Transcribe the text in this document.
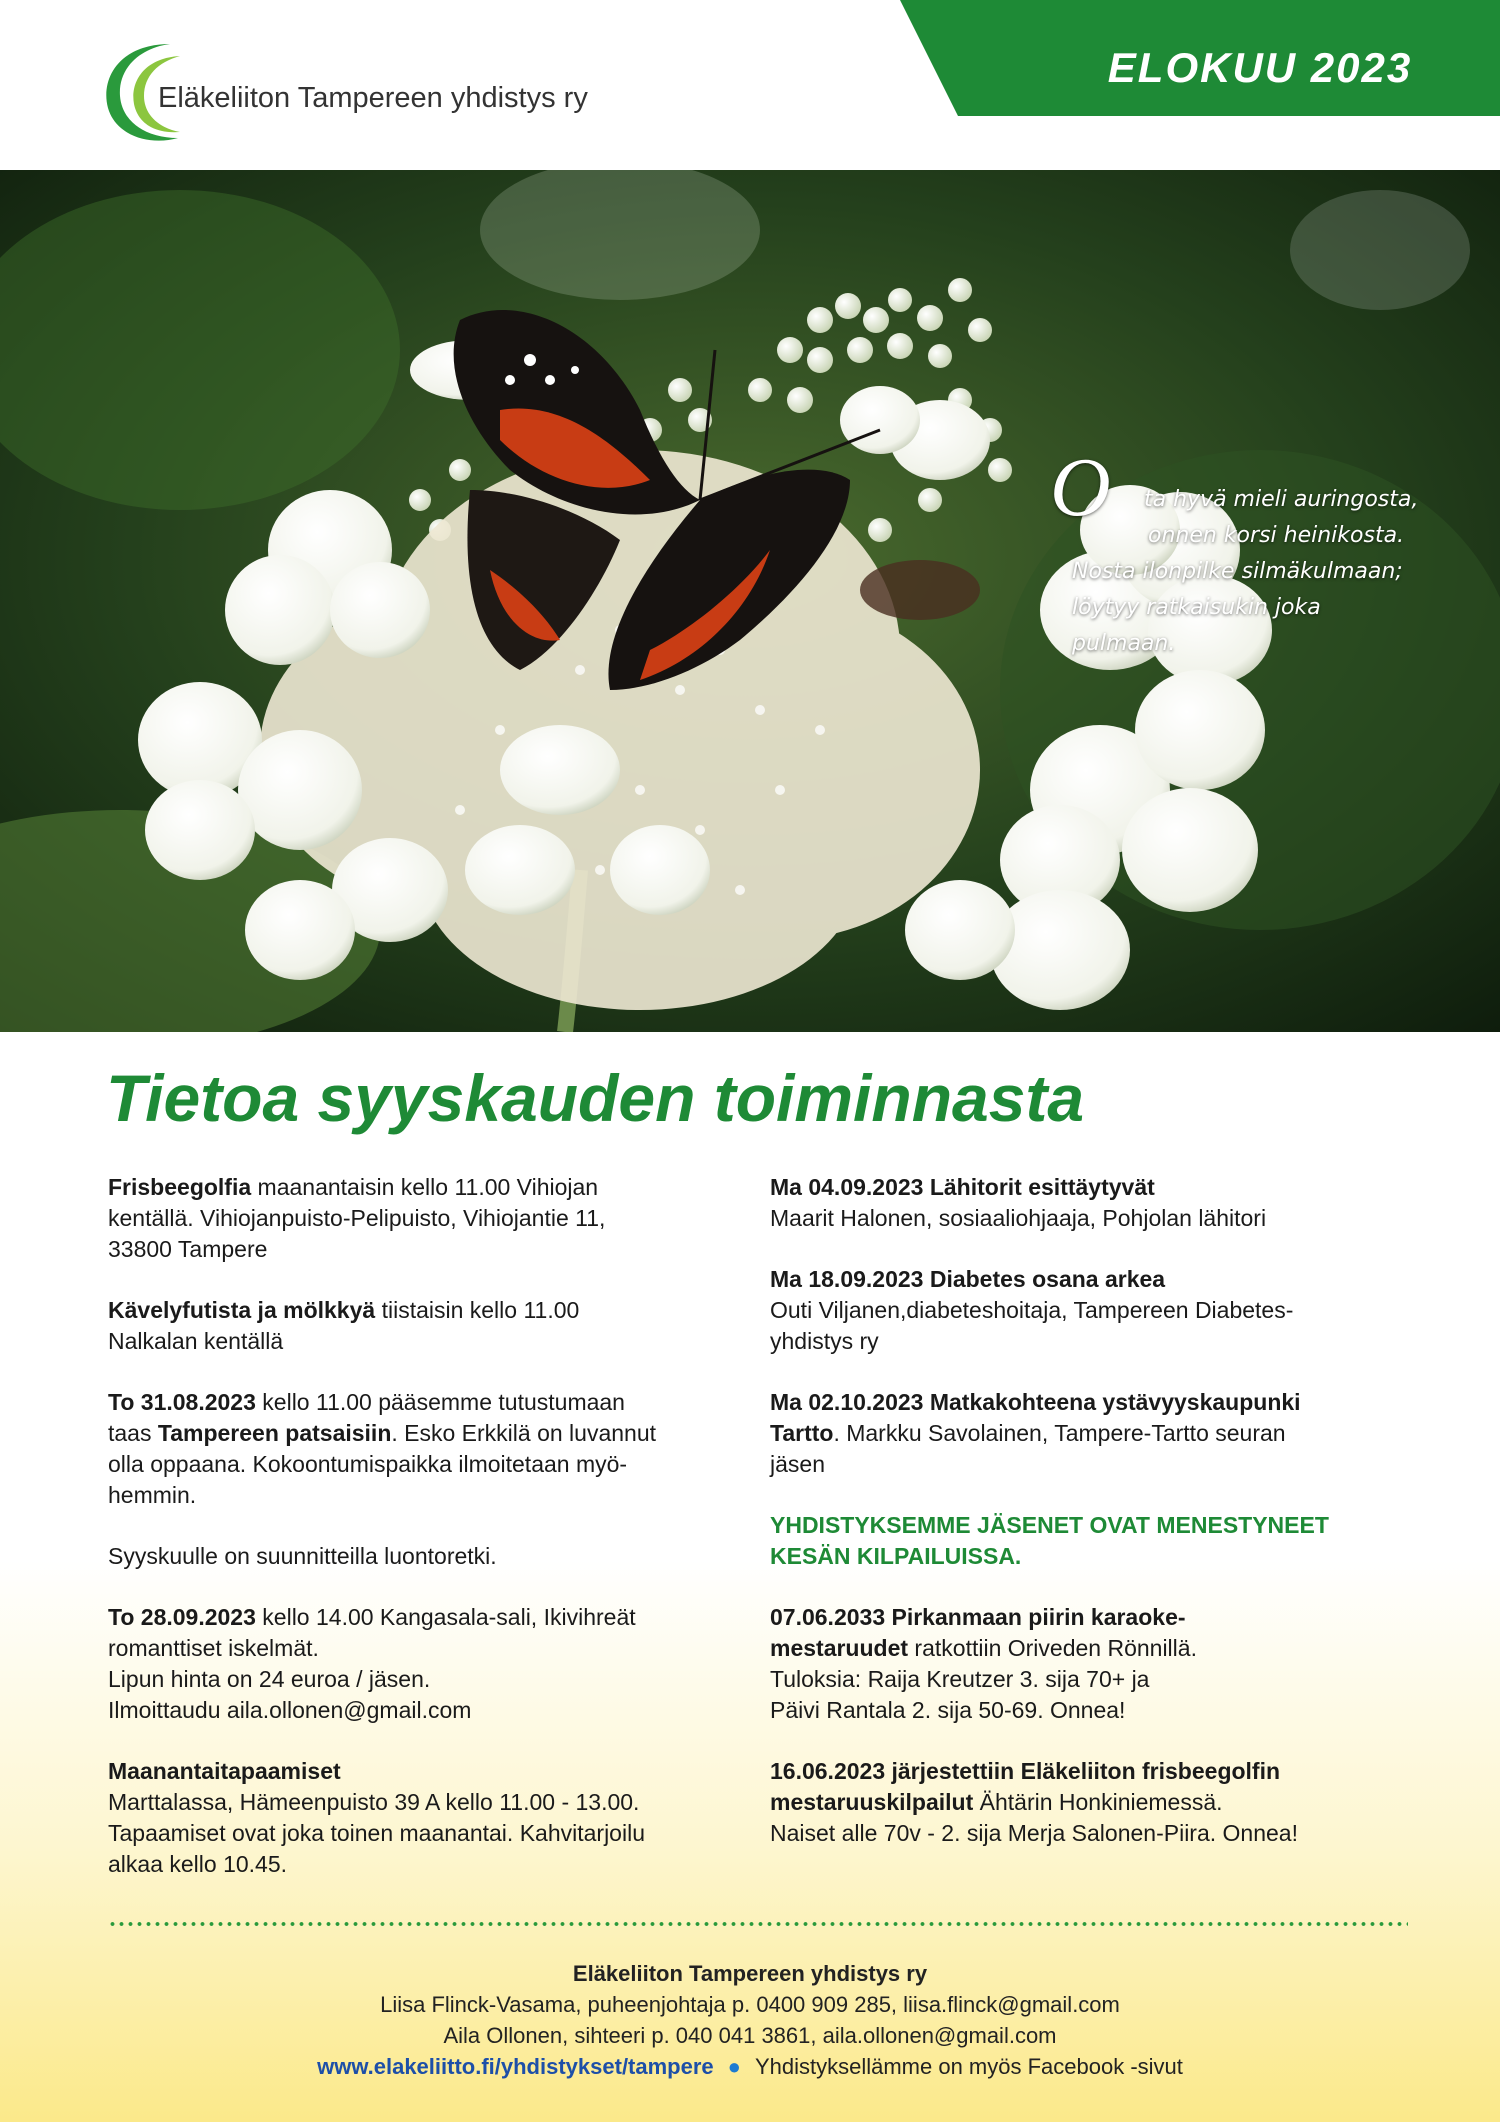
Eläkeliiton Tampereen yhdistys ry
ELOKUU 2023
O	ta hyvä mieli auringosta,
onnen korsi heinikosta.
Nosta ilonpilke silmäkulmaan;
löytyy ratkaisukin joka
pulmaan.
Tietoa syyskauden toiminnasta

Frisbeegolfia maanantaisin kello 11.00 Vihiojan

kentällä. Vihiojanpuisto-Pelipuisto, Vihiojantie 11,

33800 Tampere

Kävelyfutista ja mölkkyä tiistaisin kello 11.00

Nalkalan kentällä

To 31.08.2023 kello 11.00 pääsemme tutustumaan

taas Tampereen patsaisiin. Esko Erkkilä on luvannut

olla oppaana. Kokoontumispaikka ilmoitetaan myö-

hemmin.

Syyskuulle on suunnitteilla luontoretki.

To 28.09.2023 kello 14.00 Kangasala-sali, Ikivihreät

romanttiset iskelmät.

Lipun hinta on 24 euroa / jäsen.

Ilmoittaudu aila.ollonen@gmail.com

Maanantaitapaamiset

Marttalassa, Hämeenpuisto 39 A kello 11.00 - 13.00.

Tapaamiset ovat joka toinen maanantai. Kahvitarjoilu

alkaa kello 10.45.

Ma 04.09.2023 Lähitorit esittäytyvät

Maarit Halonen, sosiaaliohjaaja, Pohjolan lähitori

Ma 18.09.2023 Diabetes osana arkea

Outi Viljanen,diabeteshoitaja, Tampereen Diabetes-

yhdistys ry

Ma 02.10.2023 Matkakohteena ystävyyskaupunki

Tartto. Markku Savolainen, Tampere-Tartto seuran

jäsen

YHDISTYKSEMME JÄSENET OVAT MENESTYNEET

KESÄN KILPAILUISSA.

07.06.2033 Pirkanmaan piirin karaoke-

mestaruudet ratkottiin Oriveden Rönnillä.

Tuloksia: Raija Kreutzer 3. sija 70+ ja

Päivi Rantala 2. sija 50-69. Onnea!

16.06.2023 järjestettiin Eläkeliiton frisbeegolfin

mestaruuskilpailut Ähtärin Honkiniemessä.

Naiset alle 70v - 2. sija Merja Salonen-Piira. Onnea!

Eläkeliiton Tampereen yhdistys ry

Liisa Flinck-Vasama, puheenjohtaja p. 0400 909 285, liisa.flinck@gmail.com

Aila Ollonen, sihteeri p. 040 041 3861, aila.ollonen@gmail.com

www.elakeliitto.fi/yhdistykset/tampere ● Yhdistyksellämme on myös Facebook -sivut
